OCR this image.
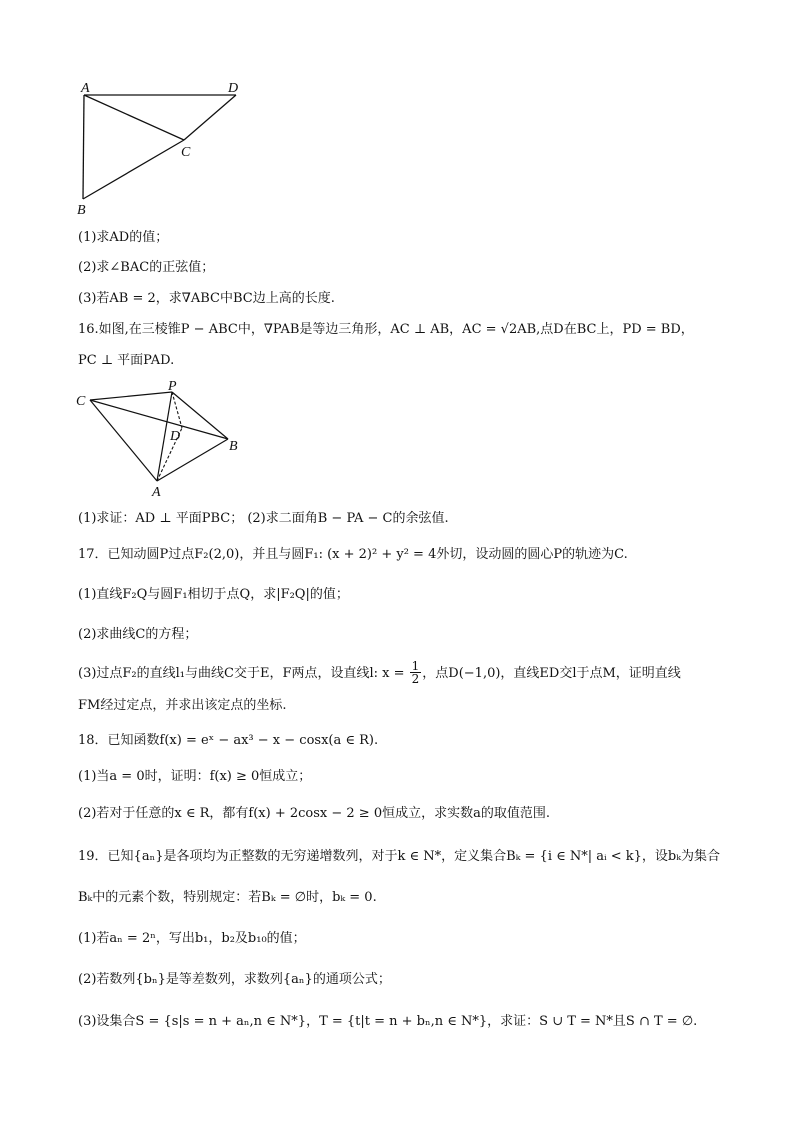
A	D
C
B
(1)求AD的值；
(2)求∠BAC的正弦值；
(3)若AB = 2，求∇ABC中BC边上高的长度.
16.如图,在三棱锥P − ABC中，∇PAB是等边三角形，AC ⊥ AB，AC = √2AB,点D在BC上，PD = BD，
PC ⊥ 平面PAD.
C
P
D
B
A
(1)求证：AD ⊥ 平面PBC； (2)求二面角B − PA − C的余弦值.
17．已知动圆P过点F₂(2,0)，并且与圆F₁: (x + 2)² + y² = 4外切，设动圆的圆心P的轨迹为C.
(1)直线F₂Q与圆F₁相切于点Q，求|F₂Q|的值；
(2)求曲线C的方程；
(3)过点F₂的直线l₁与曲线C交于E，F两点，设直线l: $x = \frac{1}{2}$ ，点D(−1,0)，直线ED交l于点M，证明直线
FM经过定点，并求出该定点的坐标.
18．已知函数f(x) = eˣ − ax³ − x − cosx(a ∈ R).
(1)当a = 0时，证明：f(x) ≥ 0恒成立；
(2)若对于任意的x ∈ R，都有f(x) + 2cosx − 2 ≥ 0恒成立，求实数a的取值范围.
19．已知{aₙ}是各项均为正整数的无穷递增数列，对于k ∈ N*，定义集合Bₖ = {i ∈ N*| aᵢ < k}，设bₖ为集合
Bₖ中的元素个数，特别规定：若Bₖ = ∅时，bₖ = 0.
(1)若aₙ = 2ⁿ，写出b₁，b₂及b₁₀的值；
(2)若数列{bₙ}是等差数列，求数列{aₙ}的通项公式；
(3)设集合S = {s|s = n + aₙ,n ∈ N*}，T = {t|t = n + bₙ,n ∈ N*}，求证：S ∪ T = N*且S ∩ T = ∅.
